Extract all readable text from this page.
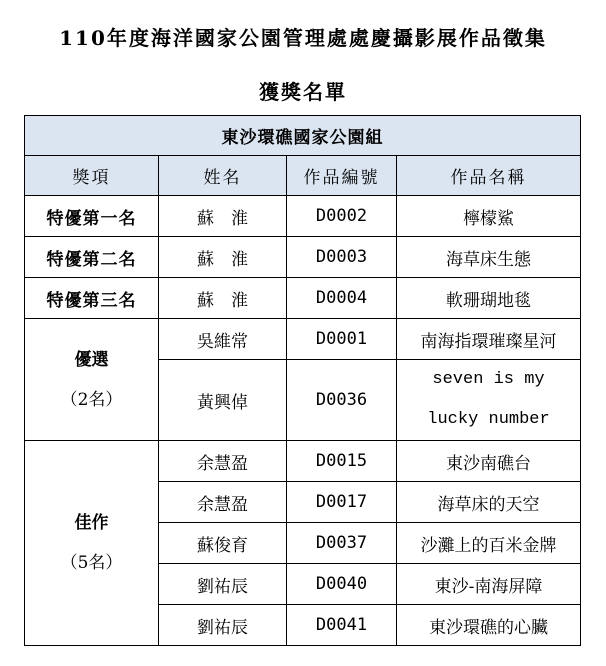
110年度海洋國家公園管理處處慶攝影展作品徵集
獲獎名單
東沙環礁國家公園組			
獎項	姓名	作品編號	作品名稱
特優第一名	蘇　淮	D0002	檸檬鯊
特優第二名	蘇　淮	D0003	海草床生態
特優第三名	蘇　淮	D0004	軟珊瑚地毯

優選
（2名）	吳維常	D0001	南海指環璀璨星河
	黃興倬	D0036	seven is my
lucky number

佳作
（5名）	余慧盈	D0015	東沙南礁台
	余慧盈	D0017	海草床的天空
	蘇俊育	D0037	沙灘上的百米金牌
	劉祐辰	D0040	東沙-南海屏障
	劉祐辰	D0041	東沙環礁的心臟
